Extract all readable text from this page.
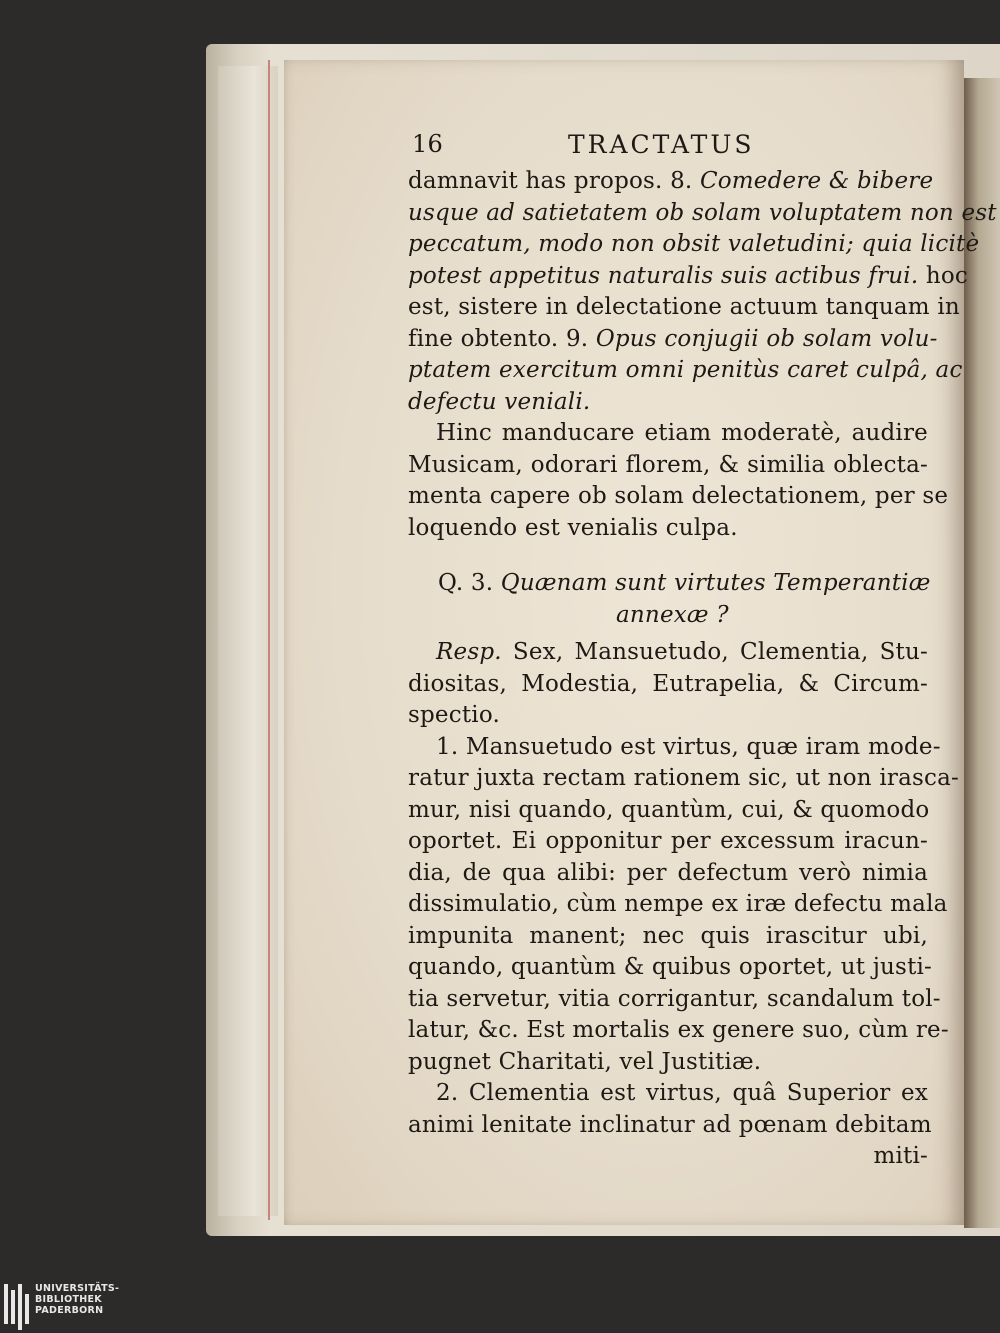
16	TRACTATUS
damnavit has propos. 8. Comedere & bibere
usque ad satietatem ob solam voluptatem non est
peccatum, modo non obsit valetudini; quia licitè
potest appetitus naturalis suis actibus frui. hoc
est, sistere in delectatione actuum tanquam in
fine obtento. 9. Opus conjugii ob solam volu-
ptatem exercitum omni penitùs caret culpâ, ac
defectu veniali.
Hinc manducare etiam moderatè, audire
Musicam, odorari florem, & similia oblecta-
menta capere ob solam delectationem, per se
loquendo est venialis culpa.
Q. 3. Quænam sunt virtutes Temperantiæ
annexæ ?
Resp. Sex, Mansuetudo, Clementia, Stu-
diositas, Modestia, Eutrapelia, & Circum-
spectio.
1. Mansuetudo est virtus, quæ iram mode-
ratur juxta rectam rationem sic, ut non irasca-
mur, nisi quando, quantùm, cui, & quomodo
oportet. Ei opponitur per excessum iracun-
dia, de qua alibi: per defectum verò nimia
dissimulatio, cùm nempe ex iræ defectu mala
impunita manent; nec quis irascitur ubi,
quando, quantùm & quibus oportet, ut justi-
tia servetur, vitia corrigantur, scandalum tol-
latur, &c. Est mortalis ex genere suo, cùm re-
pugnet Charitati, vel Justitiæ.
2. Clementia est virtus, quâ Superior ex
animi lenitate inclinatur ad pœnam debitam
miti-
UNIVERSITÄTS-
BIBLIOTHEK
PADERBORN
